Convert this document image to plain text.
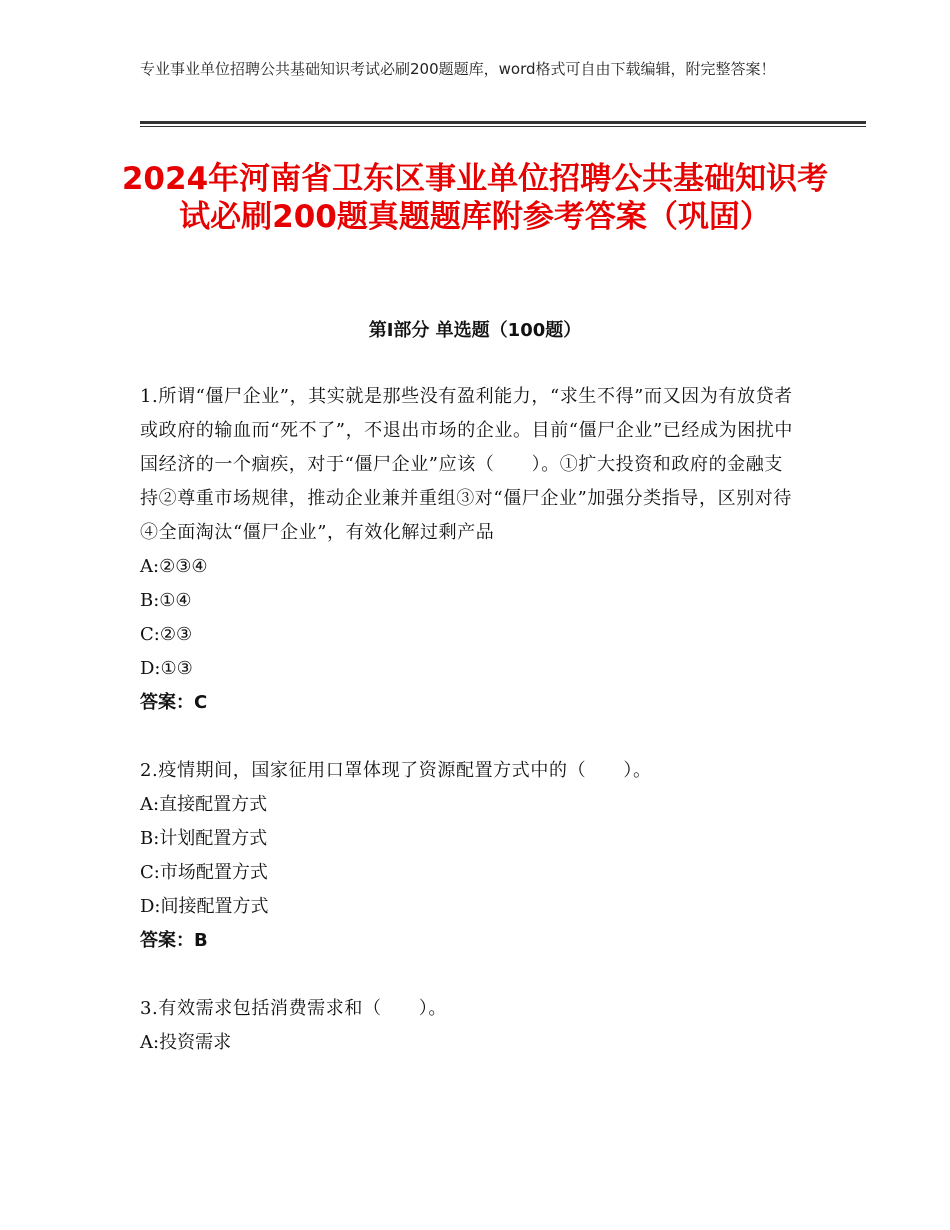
专业事业单位招聘公共基础知识考试必刷200题题库，word格式可自由下载编辑，附完整答案！
2024年河南省卫东区事业单位招聘公共基础知识考试必刷200题真题题库附参考答案（巩固）
第Ⅰ部分 单选题（100题）
1.所谓“僵尸企业”，其实就是那些没有盈利能力，“求生不得”而又因为有放贷者或政府的输血而“死不了”，不退出市场的企业。目前“僵尸企业”已经成为困扰中国经济的一个痼疾，对于“僵尸企业”应该（　　）。①扩大投资和政府的金融支持②尊重市场规律，推动企业兼并重组③对“僵尸企业”加强分类指导，区别对待④全面淘汰“僵尸企业”，有效化解过剩产品
A:②③④
B:①④
C:②③
D:①③
答案：C
2.疫情期间，国家征用口罩体现了资源配置方式中的（　　）。
A:直接配置方式
B:计划配置方式
C:市场配置方式
D:间接配置方式
答案：B
3.有效需求包括消费需求和（　　）。
A:投资需求
